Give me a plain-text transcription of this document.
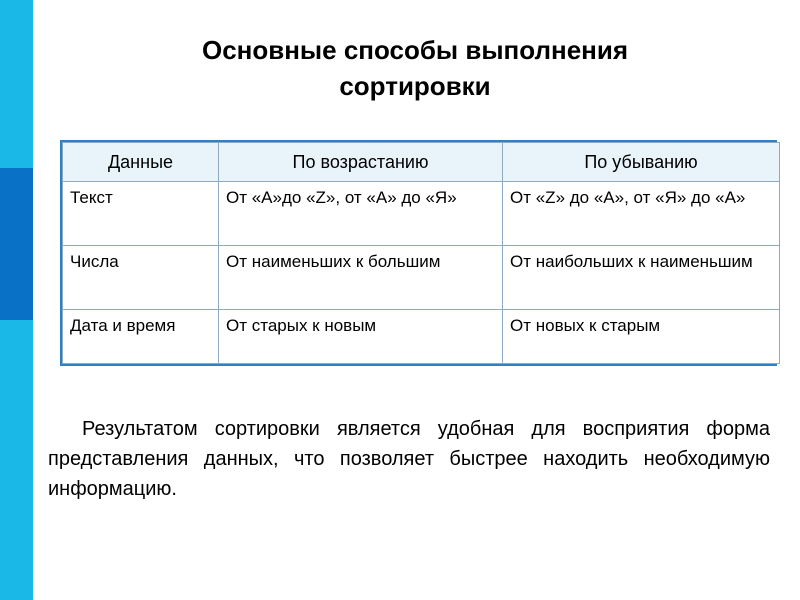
Основные способы выполнения
сортировки
Данные	По возрастанию	По убыванию
Текст	От «А»до «Z», от «А» до «Я»	От «Z» до «А», от «Я» до «А»
Числа	От наименьших к большим	От наибольших к наименьшим
Дата и время	От старых к новым	От новых к старым

Результатом сортировки является удобная для восприятия форма представления данных, что позволяет быстрее находить необходимую информацию.
